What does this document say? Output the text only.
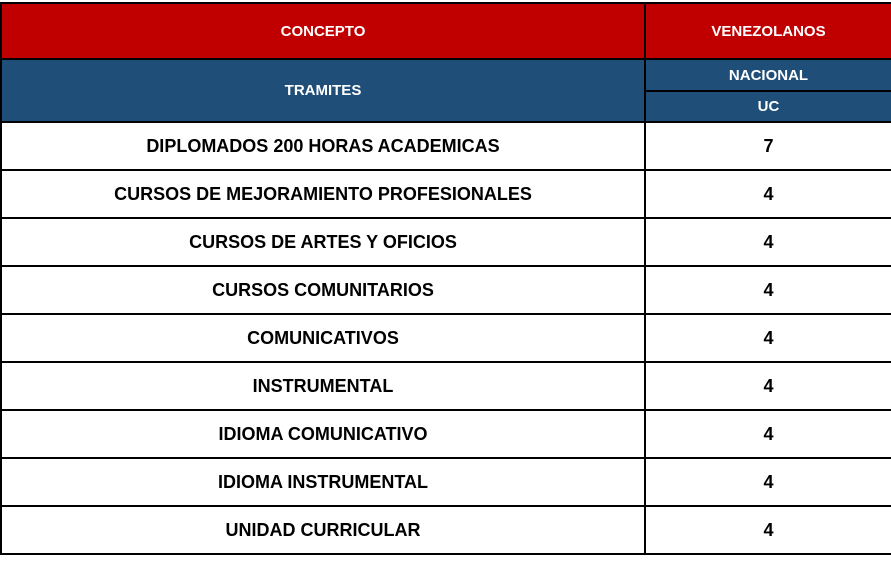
CONCEPTO	VENEZOLANOS
TRAMITES	NACIONAL
	UC
DIPLOMADOS 200 HORAS ACADEMICAS	7
CURSOS DE MEJORAMIENTO PROFESIONALES	4
CURSOS DE ARTES Y OFICIOS	4
CURSOS COMUNITARIOS	4
COMUNICATIVOS	4
INSTRUMENTAL	4
IDIOMA COMUNICATIVO	4
IDIOMA INSTRUMENTAL	4
UNIDAD CURRICULAR	4
